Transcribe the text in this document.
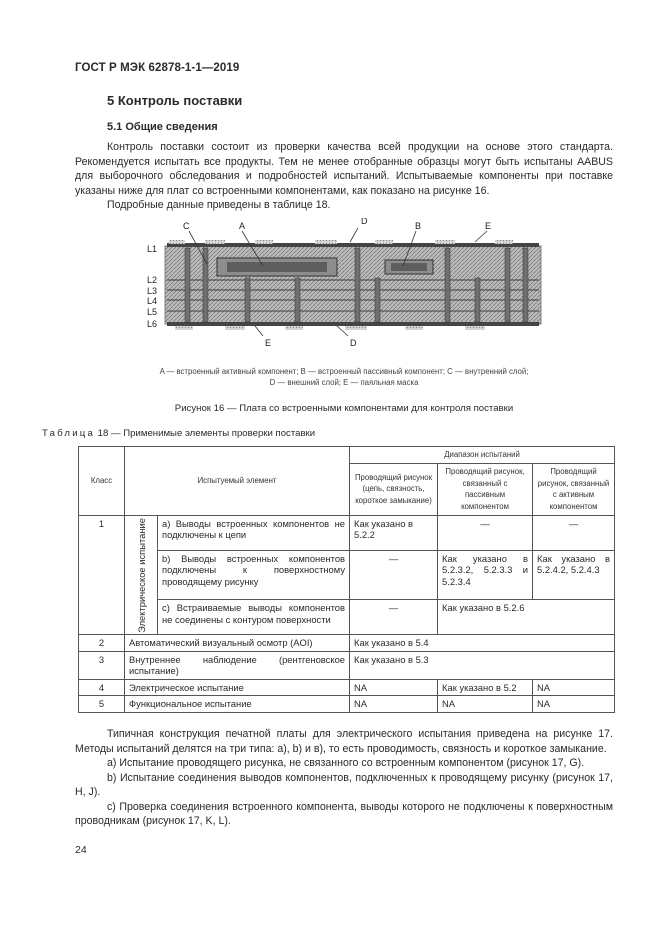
ГОСТ Р МЭК 62878-1-1—2019
5 Контроль поставки
5.1 Общие сведения

Контроль поставки состоит из проверки качества всей продукции на основе этого стандарта. Рекомендуется испытать все продукты. Тем не менее отобранные образцы могут быть испытаны AABUS для выборочного обследования и подробностей испытаний. Испытываемые компоненты при поставке указаны ниже для плат со встроенными компонентами, как показано на рисунке 16.

Подробные данные приведены в таблице 18.

C	A	D	B	E
E	D
L1
L2
L3
L4
L5
L6
A — встроенный активный компонент; B — встроенный пассивный компонент; C — внутренний слой;
D — внешний слой; E — паяльная маска
Рисунок 16 — Плата со встроенными компонентами для контроля поставки
Таблица 18 — Применимые элементы проверки поставки
Класс	Испытуемый элемент		Диапазон испытаний		
			Проводящий рисунок (цепь, связность, короткое замыкание)	Проводящий рисунок, связанный с пассивным компонентом	Проводящий рисунок, связанный с активным компонентом
1	Электрическое испытание	a) Выводы встроенных компонентов не подключены к цепи	Как указано в 5.2.2	—	—
		b) Выводы встроенных компонентов подключены к поверхностному проводящему рисунку	—	Как указано в 5.2.3.2, 5.2.3.3 и 5.2.3.4	Как указано в 5.2.4.2, 5.2.4.3
		c) Встраиваемые выводы компонентов не соединены с контуром поверхности	—	Как указано в 5.2.6	
2	Автоматический визуальный осмотр (AOI)		Как указано в 5.4		
3	Внутреннее наблюдение (рентгеновское испытание)		Как указано в 5.3		
4	Электрическое испытание		NA	Как указано в 5.2	NA
5	Функциональное испытание		NA	NA	NA

Типичная конструкция печатной платы для электрического испытания приведена на рисунке 17. Методы испытаний делятся на три типа: а), b) и в), то есть проводимость, связность и короткое замыкание.

а) Испытание проводящего рисунка, не связанного со встроенным компонентом (рисунок 17, G).

b) Испытание соединения выводов компонентов, подключенных к проводящему рисунку (рисунок 17, H, J).

с) Проверка соединения встроенного компонента, выводы которого не подключены к поверхностным проводникам (рисунок 17, K, L).

24
